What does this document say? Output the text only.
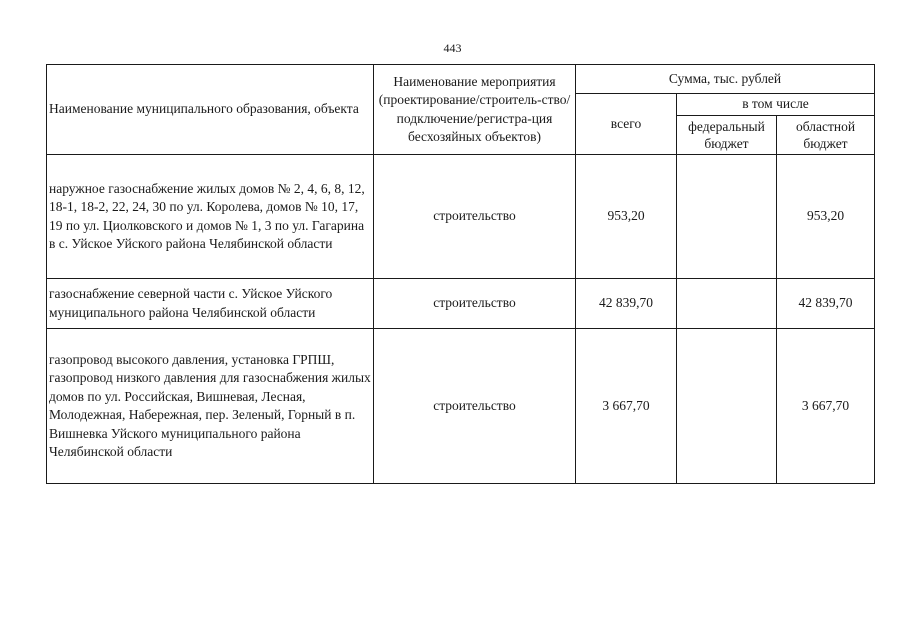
443
Наименование муниципального образования, объекта	Наименование мероприятия (проектирование/строитель-ство/подключение/регистра-ция бесхозяйных объектов)	Сумма, тыс. рублей		
		всего	в том числе	
			федеральный бюджет	областной бюджет
наружное газоснабжение жилых домов № 2, 4, 6, 8, 12, 18-1, 18-2, 22, 24, 30 по ул. Королева, домов № 10, 17, 19 по ул. Циолковского и домов № 1, 3 по ул. Гагарина в с. Уйское Уйского района Челябинской области	строительство	953,20		953,20
газоснабжение северной части с. Уйское Уйского муниципального района Челябинской области	строительство	42 839,70		42 839,70
газопровод высокого давления, установка ГРПШ, газопровод низкого давления для газоснабжения жилых домов по ул. Российская, Вишневая, Лесная, Молодежная, Набережная, пер. Зеленый, Горный в п. Вишневка Уйского муниципального района Челябинской области	строительство	3 667,70		3 667,70
